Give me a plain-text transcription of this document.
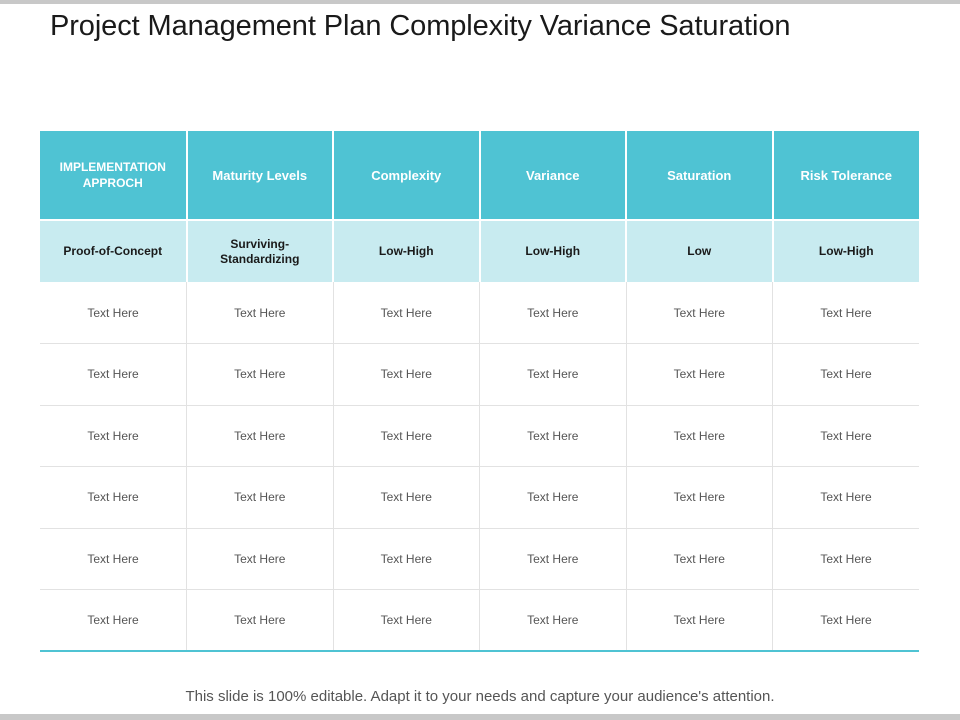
Project Management Plan Complexity Variance Saturation
IMPLEMENTATION APPROCH	Maturity Levels	Complexity	Variance	Saturation	Risk Tolerance
Proof-of-Concept	Surviving-Standardizing	Low-High	Low-High	Low	Low-High
Text Here	Text Here	Text Here	Text Here	Text Here	Text Here
Text Here	Text Here	Text Here	Text Here	Text Here	Text Here
Text Here	Text Here	Text Here	Text Here	Text Here	Text Here
Text Here	Text Here	Text Here	Text Here	Text Here	Text Here
Text Here	Text Here	Text Here	Text Here	Text Here	Text Here
Text Here	Text Here	Text Here	Text Here	Text Here	Text Here
This slide is 100% editable. Adapt it to your needs and capture your audience's attention.
